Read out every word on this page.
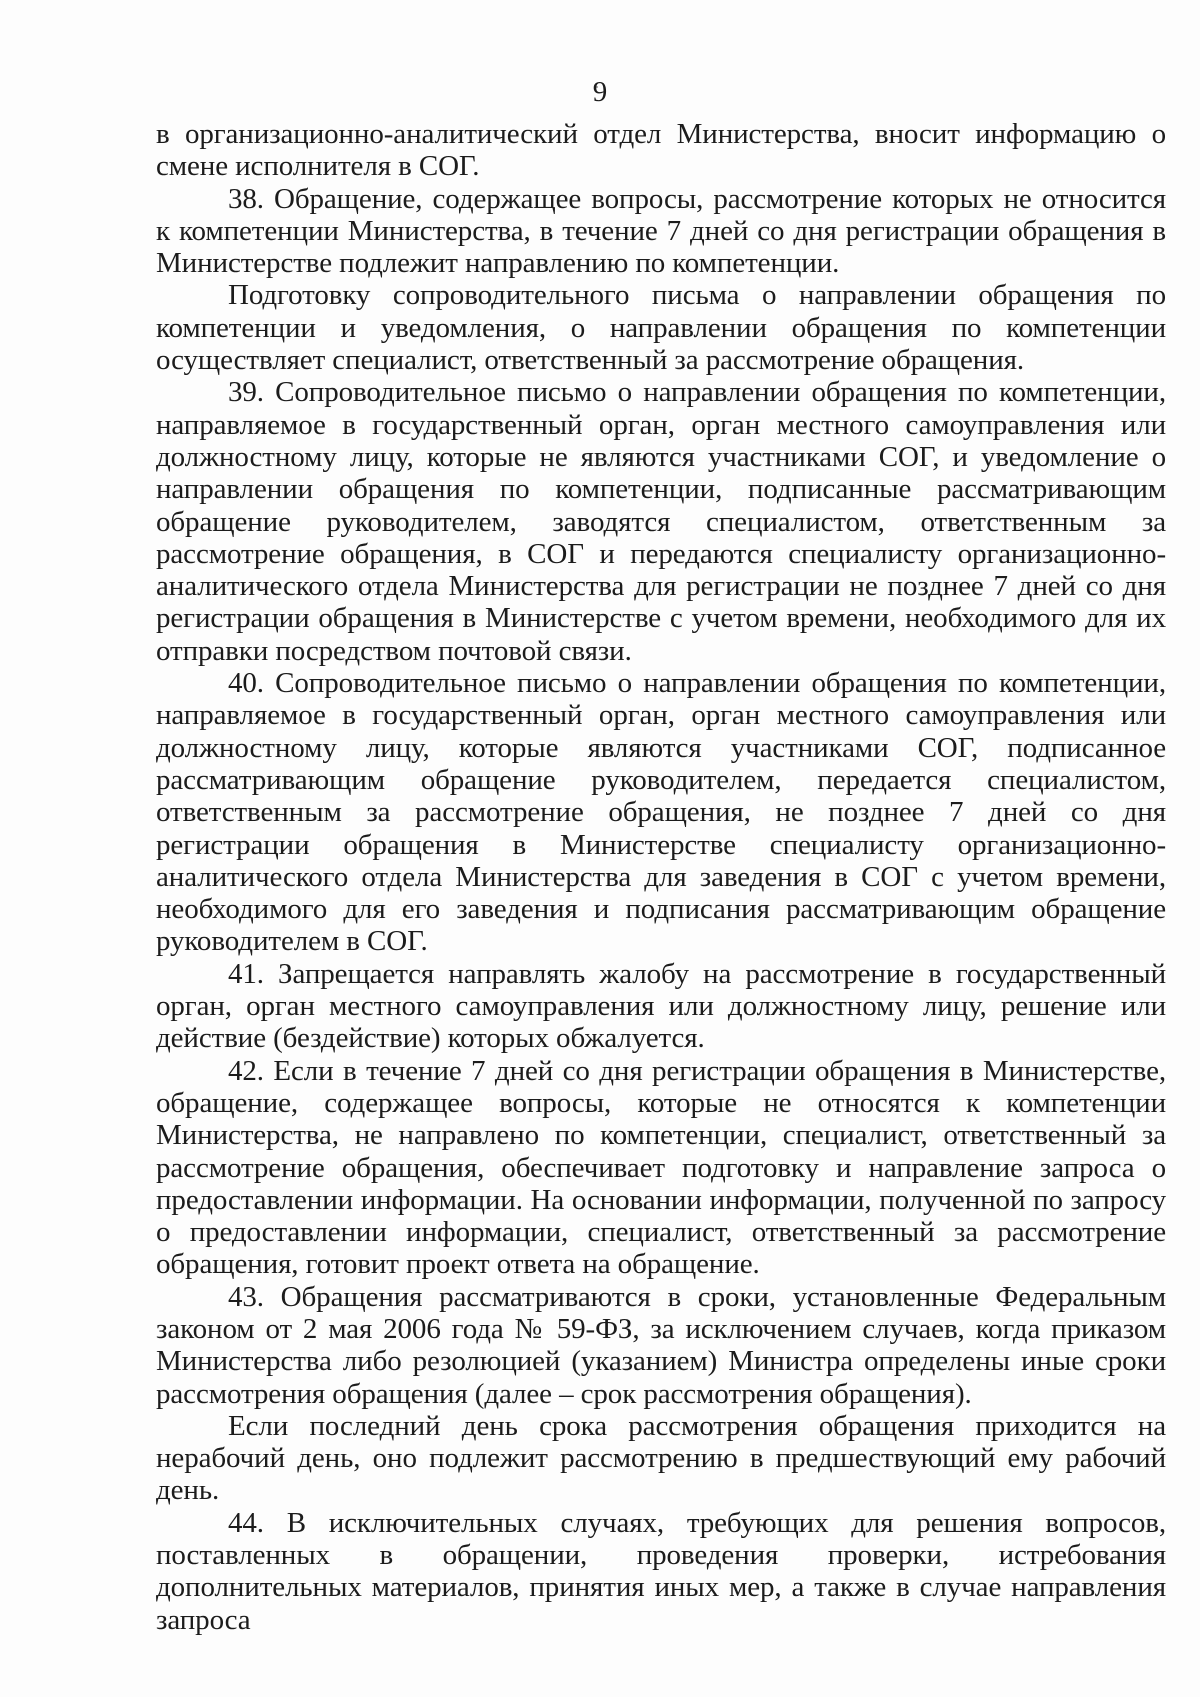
9

в организационно-аналитический отдел Министерства, вносит информацию о смене исполнителя в СОГ.

38. Обращение, содержащее вопросы, рассмотрение которых не относится к компетенции Министерства, в течение 7 дней со дня регистрации обращения в Министерстве подлежит направлению по компетенции.

Подготовку сопроводительного письма о направлении обращения по компетенции и уведомления, о направлении обращения по компетенции осуществляет специалист, ответственный за рассмотрение обращения.

39. Сопроводительное письмо о направлении обращения по компетенции, направляемое в государственный орган, орган местного самоуправления или должностному лицу, которые не являются участниками СОГ, и уведомление о направлении обращения по компетенции, подписанные рассматривающим обращение руководителем, заводятся специалистом, ответственным за рассмотрение обращения, в СОГ и передаются специалисту организационно-аналитического отдела Министерства для регистрации не позднее 7 дней со дня регистрации обращения в Министерстве с учетом времени, необходимого для их отправки посредством почтовой связи.

40. Сопроводительное письмо о направлении обращения по компетенции, направляемое в государственный орган, орган местного самоуправления или должностному лицу, которые являются участниками СОГ, подписанное рассматривающим обращение руководителем, передается специалистом, ответственным за рассмотрение обращения, не позднее 7 дней со дня регистрации обращения в Министерстве специалисту организационно-аналитического отдела Министерства для заведения в СОГ с учетом времени, необходимого для его заведения и подписания рассматривающим обращение руководителем в СОГ.

41. Запрещается направлять жалобу на рассмотрение в государственный орган, орган местного самоуправления или должностному лицу, решение или действие (бездействие) которых обжалуется.

42. Если в течение 7 дней со дня регистрации обращения в Министерстве, обращение, содержащее вопросы, которые не относятся к компетенции Министерства, не направлено по компетенции, специалист, ответственный за рассмотрение обращения, обеспечивает подготовку и направление запроса о предоставлении информации. На основании информации, полученной по запросу о предоставлении информации, специалист, ответственный за рассмотрение обращения, готовит проект ответа на обращение.

43. Обращения рассматриваются в сроки, установленные Федеральным законом от 2 мая 2006 года № 59-ФЗ, за исключением случаев, когда приказом Министерства либо резолюцией (указанием) Министра определены иные сроки рассмотрения обращения (далее – срок рассмотрения обращения).

Если последний день срока рассмотрения обращения приходится на нерабочий день, оно подлежит рассмотрению в предшествующий ему рабочий день.

44. В исключительных случаях, требующих для решения вопросов, поставленных в обращении, проведения проверки, истребования дополнительных материалов, принятия иных мер, а также в случае направления запроса
